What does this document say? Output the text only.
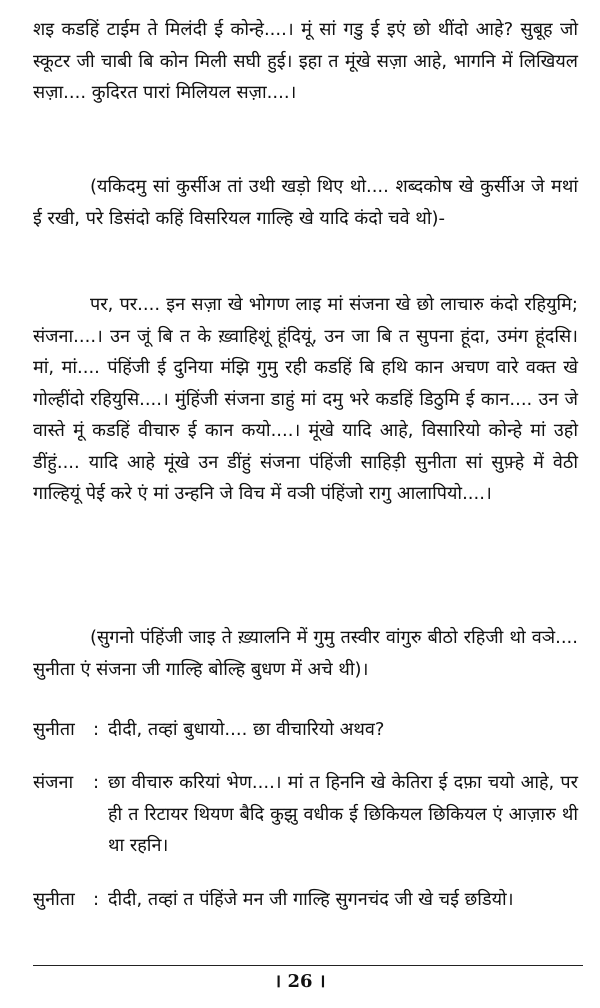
शइ कडहिं टाईम ते मिलंदी ई कोन्हे....। मूं सां गडु ई इएं छो थींदो आहे? सुबूह जो स्कूटर जी चाबी बि कोन मिली सघी हुई। इहा त मूंखे सज़ा आहे, भागनि में लिखियल सज़ा.... कुदिरत पारां मिलियल सज़ा....।

(यकिदमु सां कुर्सीअ तां उथी खड़ो थिए थो.... शब्दकोष खे कुर्सीअ जे मथां ई रखी, परे डिसंदो कहिं विसरियल गाल्हि खे यादि कंदो चवे थो)-

पर, पर.... इन सज़ा खे भोगण लाइ मां संजना खे छो लाचारु कंदो रहियुमि; संजना....। उन जूं बि त के ख़्वाहिशूं हूंदियूं, उन जा बि त सुपना हूंदा, उमंग हूंदसि। मां, मां.... पंहिंजी ई दुनिया मंझि गुमु रही कडहिं बि हथि कान अचण वारे वक्त खे गोल्हींदो रहियुसि....। मुंहिंजी संजना डाहुं मां दमु भरे कडहिं डिठुमि ई कान.... उन जे वास्ते मूं कडहिं वीचारु ई कान कयो....। मूंखे यादि आहे, विसारियो कोन्हे मां उहो डींहुं.... यादि आहे मूंखे उन डींहुं संजना पंहिंजी साहिड़ी सुनीता सां सुफ़्हे में वेठी गाल्हियूं पेई करे एं मां उन्हनि जे विच में वञी पंहिंजो रागु आलापियो....।

(सुगनो पंहिंजी जाइ ते ख़्यालनि में गुमु तस्वीर वांगुरु बीठो रहिजी थो वञे.... सुनीता एं संजना जी गाल्हि बोल्हि बुधण में अचे थी)।

सुनीता	: दीदी, तव्हां बुधायो.... छा वीचारियो अथव?
संजना	: छा वीचारु करियां भेण....। मां त हिननि खे केतिरा ई दफ़ा चयो आहे, पर ही त रिटायर थियण बैदि कुझु वधीक ई छिकियल छिकियल एं आज़ारु थी था रहनि।
सुनीता	: दीदी, तव्हां त पंहिंजे मन जी गाल्हि सुगनचंद जी खे चई छडियो।
। 26 ।
